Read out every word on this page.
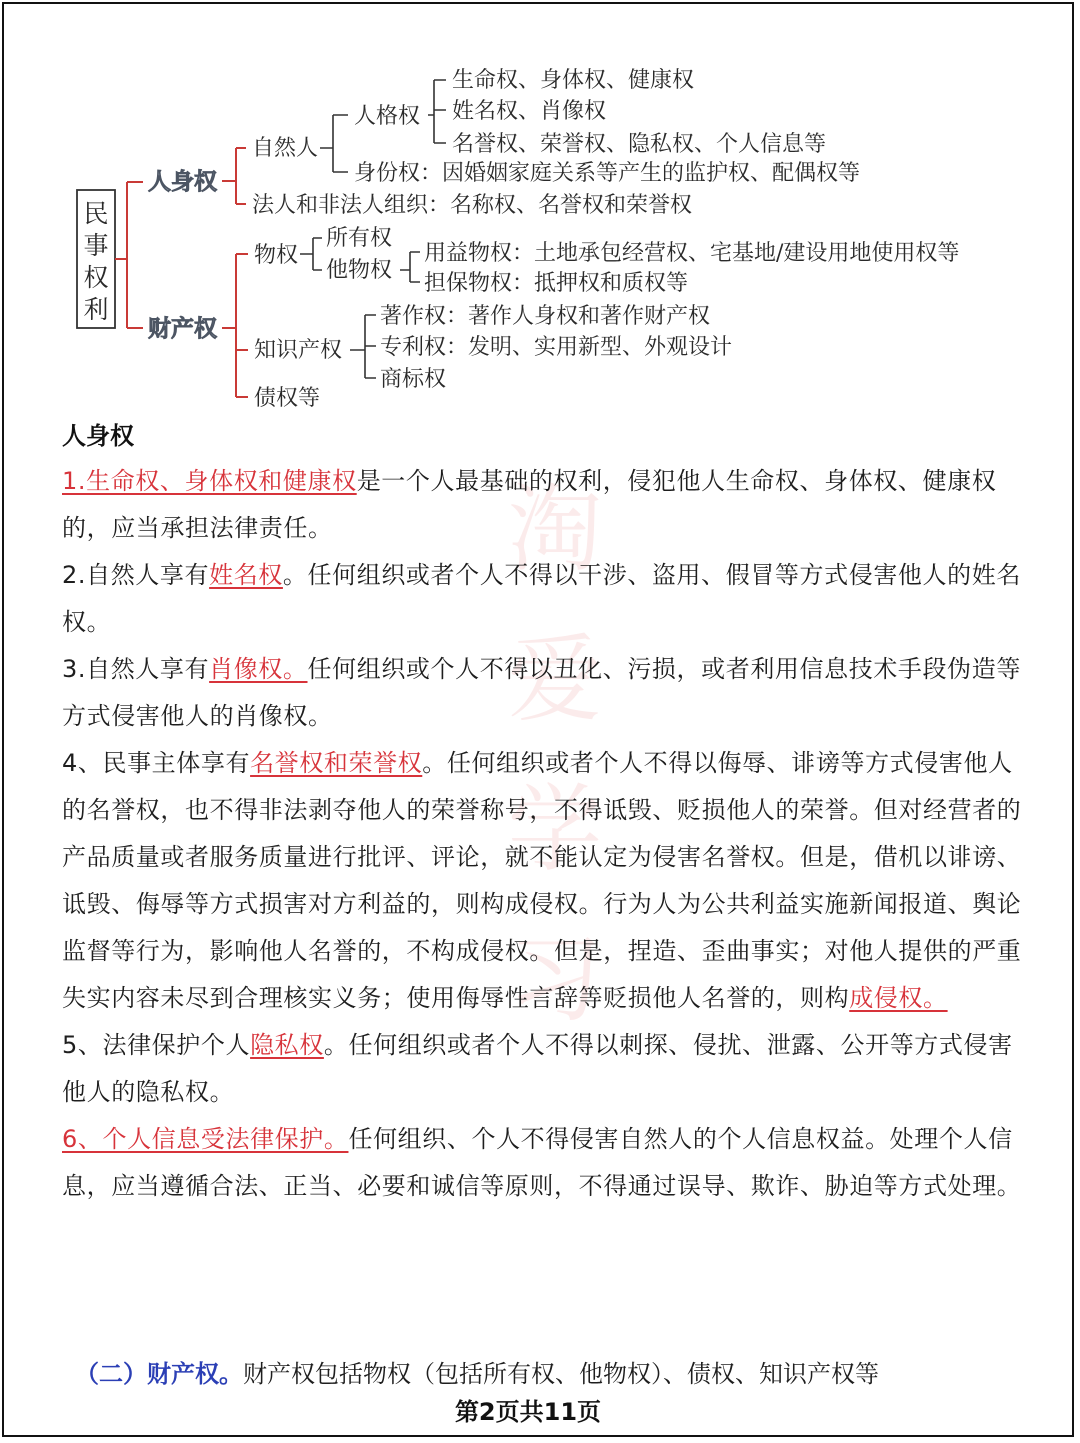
民
事
权
利
人身权
自然人
人格权
生命权、身体权、健康权
姓名权、肖像权
名誉权、荣誉权、隐私权、个人信息等
身份权：因婚姻家庭关系等产生的监护权、配偶权等
法人和非法人组织：名称权、名誉权和荣誉权
财产权
物权
所有权
他物权
用益物权：土地承包经营权、宅基地/建设用地使用权等
担保物权：抵押权和质权等
知识产权
著作权：著作人身权和著作财产权
专利权：发明、实用新型、外观设计
商标权
债权等
淘
爱
学
习
人身权

1.生命权、身体权和健康权是一个人最基础的权利，侵犯他人生命权、身体权、健康权的，应当承担法律责任。

2.自然人享有姓名权。任何组织或者个人不得以干涉、盗用、假冒等方式侵害他人的姓名权。

3.自然人享有肖像权。任何组织或个人不得以丑化、污损，或者利用信息技术手段伪造等方式侵害他人的肖像权。

4、民事主体享有名誉权和荣誉权。任何组织或者个人不得以侮辱、诽谤等方式侵害他人的名誉权，也不得非法剥夺他人的荣誉称号，不得诋毁、贬损他人的荣誉。但对经营者的产品质量或者服务质量进行批评、评论，就不能认定为侵害名誉权。但是，借机以诽谤、诋毁、侮辱等方式损害对方利益的，则构成侵权。行为人为公共利益实施新闻报道、舆论监督等行为，影响他人名誉的，不构成侵权。但是，捏造、歪曲事实；对他人提供的严重失实内容未尽到合理核实义务；使用侮辱性言辞等贬损他人名誉的，则构成侵权。

5、法律保护个人隐私权。任何组织或者个人不得以刺探、侵扰、泄露、公开等方式侵害他人的隐私权。

6、个人信息受法律保护。任何组织、个人不得侵害自然人的个人信息权益。处理个人信息，应当遵循合法、正当、必要和诚信等原则，不得通过误导、欺诈、胁迫等方式处理。

（二）财产权。财产权包括物权（包括所有权、他物权）、债权、知识产权等

第2页共11页
